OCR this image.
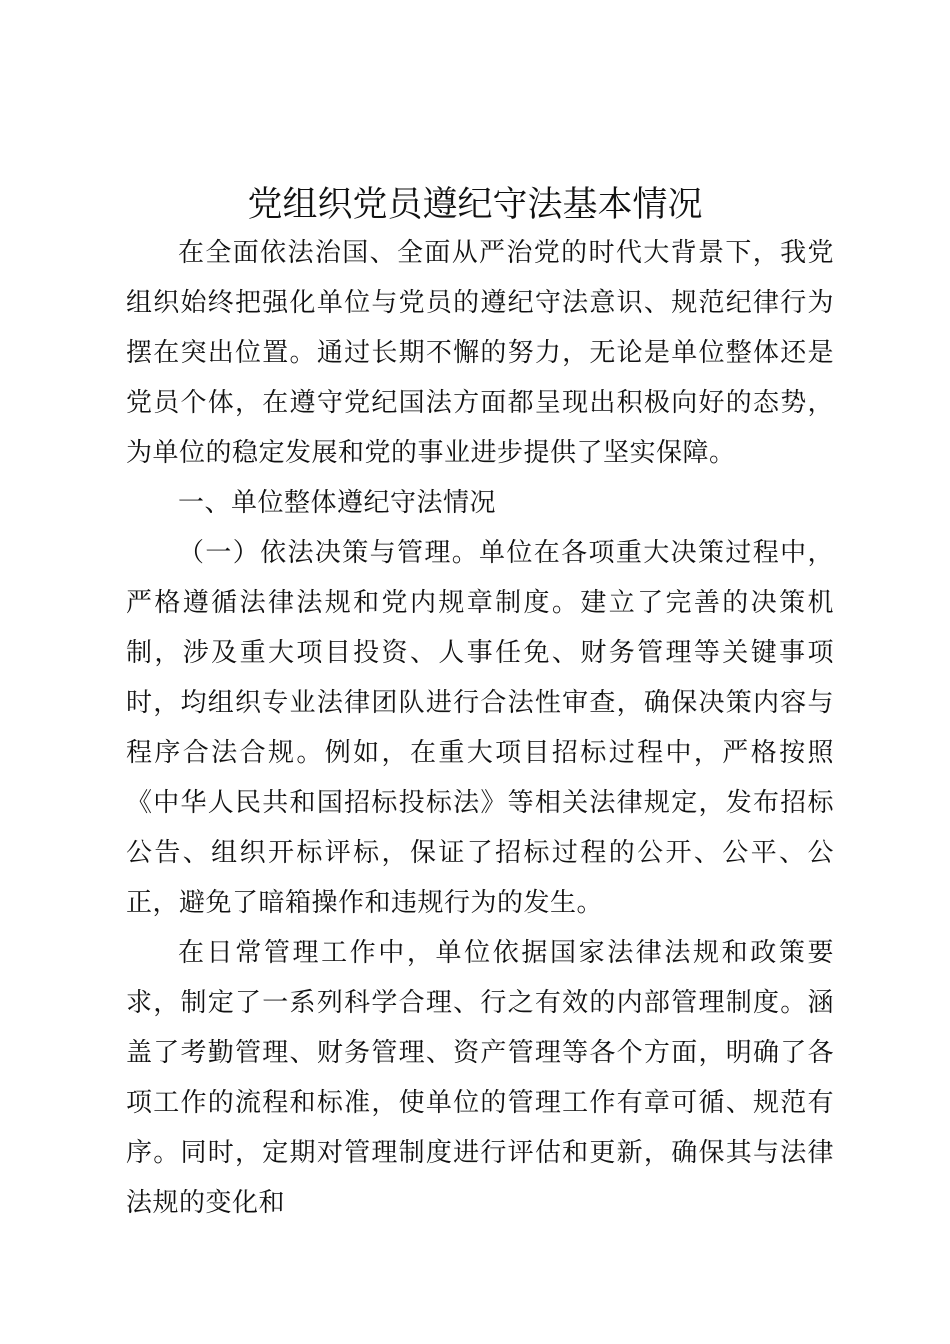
党组织党员遵纪守法基本情况

在全面依法治国、全面从严治党的时代大背景下，我党组织始终把强化单位与党员的遵纪守法意识、规范纪律行为摆在突出位置。通过长期不懈的努力，无论是单位整体还是党员个体，在遵守党纪国法方面都呈现出积极向好的态势，为单位的稳定发展和党的事业进步提供了坚实保障。

一、单位整体遵纪守法情况

（一）依法决策与管理。单位在各项重大决策过程中，严格遵循法律法规和党内规章制度。建立了完善的决策机制，涉及重大项目投资、人事任免、财务管理等关键事项时，均组织专业法律团队进行合法性审查，确保决策内容与程序合法合规。例如，在重大项目招标过程中，严格按照《中华人民共和国招标投标法》等相关法律规定，发布招标公告、组织开标评标，保证了招标过程的公开、公平、公正，避免了暗箱操作和违规行为的发生。

在日常管理工作中，单位依据国家法律法规和政策要求，制定了一系列科学合理、行之有效的内部管理制度。涵盖了考勤管理、财务管理、资产管理等各个方面，明确了各项工作的流程和标准，使单位的管理工作有章可循、规范有序。同时，定期对管理制度进行评估和更新，确保其与法律法规的变化和
